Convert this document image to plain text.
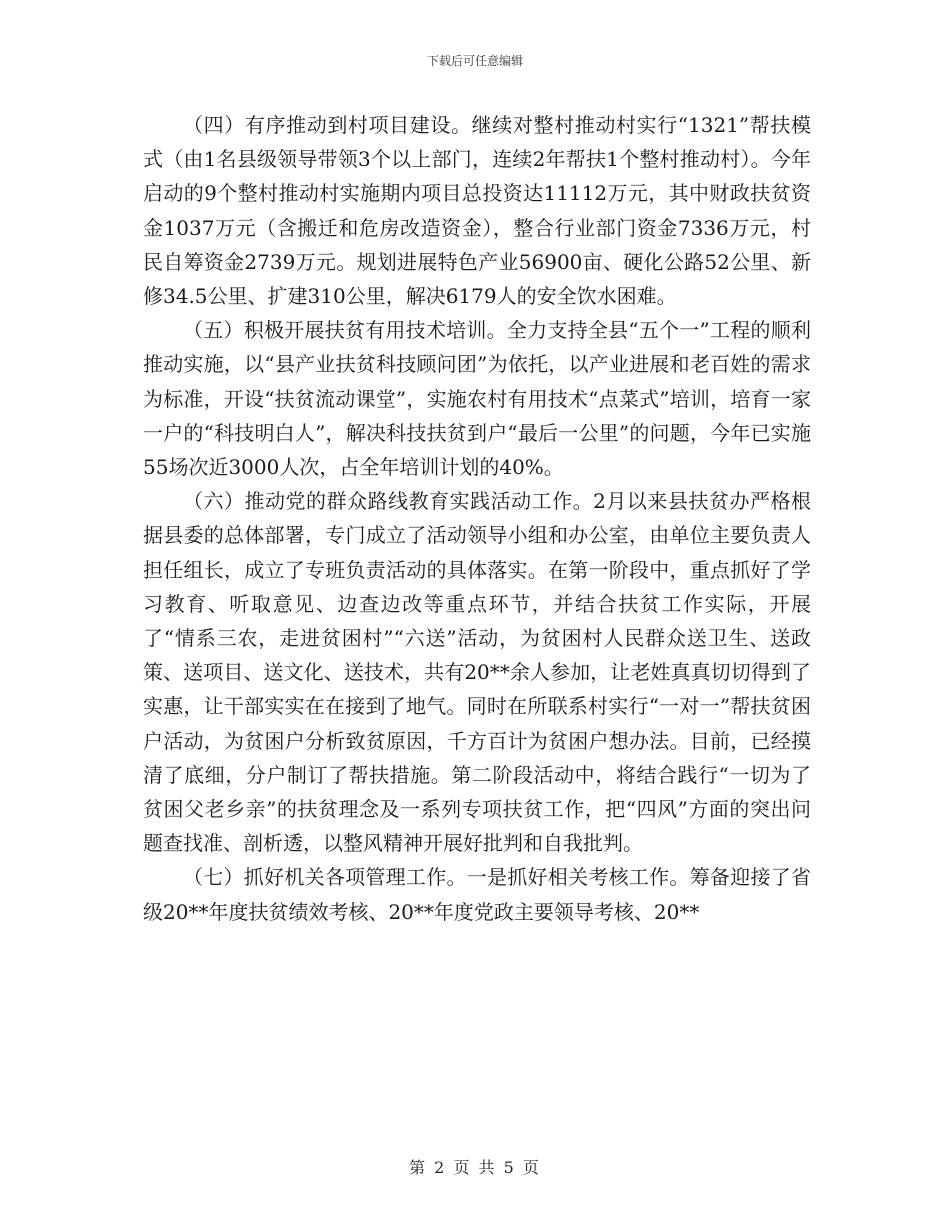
下载后可任意编辑

（四）有序推动到村项目建设。继续对整村推动村实行“1321”帮扶模式（由1名县级领导带领3个以上部门，连续2年帮扶1个整村推动村）。今年启动的9个整村推动村实施期内项目总投资达11112万元，其中财政扶贫资金1037万元（含搬迁和危房改造资金），整合行业部门资金7336万元，村民自筹资金2739万元。规划进展特色产业56900亩、硬化公路52公里、新修34.5公里、扩建310公里，解决6179人的安全饮水困难。

（五）积极开展扶贫有用技术培训。全力支持全县“五个一”工程的顺利推动实施，以“县产业扶贫科技顾问团”为依托，以产业进展和老百姓的需求为标准，开设“扶贫流动课堂”，实施农村有用技术“点菜式”培训，培育一家一户的“科技明白人”，解决科技扶贫到户“最后一公里”的问题，今年已实施55场次近3000人次，占全年培训计划的40%。

（六）推动党的群众路线教育实践活动工作。2月以来县扶贫办严格根据县委的总体部署，专门成立了活动领导小组和办公室，由单位主要负责人担任组长，成立了专班负责活动的具体落实。在第一阶段中，重点抓好了学习教育、听取意见、边查边改等重点环节，并结合扶贫工作实际，开展了“情系三农，走进贫困村”“六送”活动，为贫困村人民群众送卫生、送政策、送项目、送文化、送技术，共有20**余人参加，让老姓真真切切得到了实惠，让干部实实在在接到了地气。同时在所联系村实行“一对一”帮扶贫困户活动，为贫困户分析致贫原因，千方百计为贫困户想办法。目前，已经摸清了底细，分户制订了帮扶措施。第二阶段活动中，将结合践行“一切为了贫困父老乡亲”的扶贫理念及一系列专项扶贫工作，把“四风”方面的突出问题查找准、剖析透，以整风精神开展好批判和自我批判。

（七）抓好机关各项管理工作。一是抓好相关考核工作。筹备迎接了省级20**年度扶贫绩效考核、20**年度党政主要领导考核、20**

第 2 页 共 5 页
